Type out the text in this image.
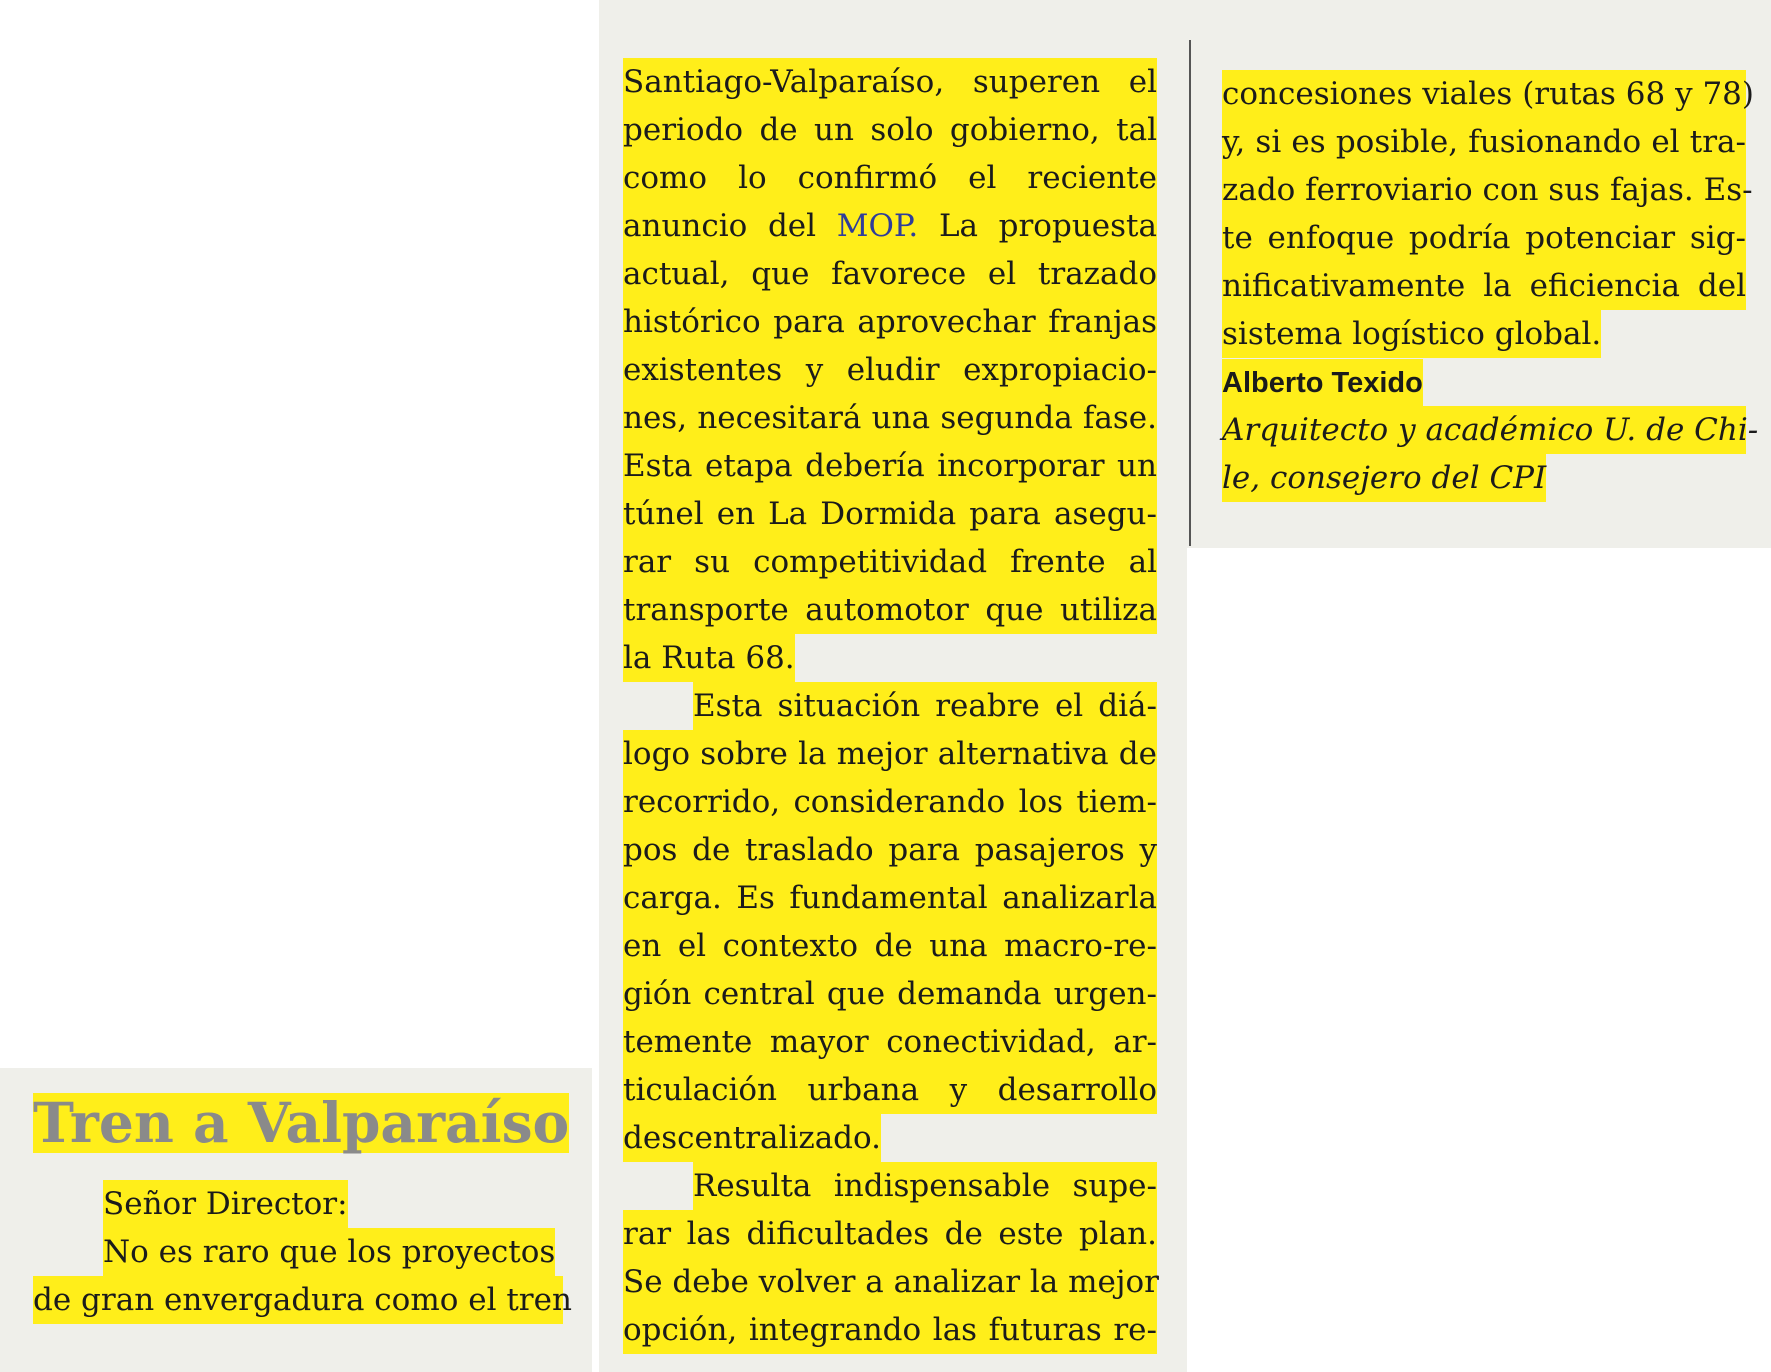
Tren a Valparaíso
Señor Director:
No es raro que los proyectos
de gran envergadura como el tren
Santiago-Valparaíso, superen el
periodo de un solo gobierno, tal
como lo confirmó el reciente
anuncio del MOP. La propuesta
actual, que favorece el trazado
histórico para aprovechar franjas
existentes y eludir expropiacio-
nes, necesitará una segunda fase.
Esta etapa debería incorporar un
túnel en La Dormida para asegu-
rar su competitividad frente al
transporte automotor que utiliza
la Ruta 68.
Esta situación reabre el diá-
logo sobre la mejor alternativa de
recorrido, considerando los tiem-
pos de traslado para pasajeros y
carga. Es fundamental analizarla
en el contexto de una macro-re-
gión central que demanda urgen-
temente mayor conectividad, ar-
ticulación urbana y desarrollo
descentralizado.
Resulta indispensable supe-
rar las dificultades de este plan.
Se debe volver a analizar la mejor
opción, integrando las futuras re-
concesiones viales (rutas 68 y 78)
y, si es posible, fusionando el tra-
zado ferroviario con sus fajas. Es-
te enfoque podría potenciar sig-
nificativamente la eficiencia del
sistema logístico global.
Alberto Texido
Arquitecto y académico U. de Chi-
le, consejero del CPI
